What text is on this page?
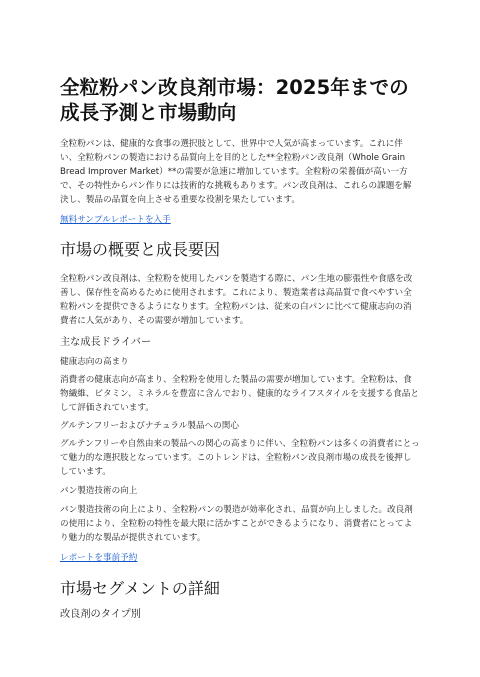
全粒粉パン改良剤市場：2025年までの成長予測と市場動向

全粒粉パンは、健康的な食事の選択肢として、世界中で人気が高まっています。これに伴い、全粒粉パンの製造における品質向上を目的とした**全粒粉パン改良剤（Whole Grain Bread Improver Market）**の需要が急速に増加しています。全粒粉の栄養価が高い一方で、その特性からパン作りには技術的な挑戦もあります。パン改良剤は、これらの課題を解決し、製品の品質を向上させる重要な役割を果たしています。

無料サンプルレポートを入手
市場の概要と成長要因

全粒粉パン改良剤は、全粒粉を使用したパンを製造する際に、パン生地の膨張性や食感を改善し、保存性を高めるために使用されます。これにより、製造業者は高品質で食べやすい全粒粉パンを提供できるようになります。全粒粉パンは、従来の白パンに比べて健康志向の消費者に人気があり、その需要が増加しています。

主な成長ドライバー

健康志向の高まり

消費者の健康志向が高まり、全粒粉を使用した製品の需要が増加しています。全粒粉は、食物繊維、ビタミン、ミネラルを豊富に含んでおり、健康的なライフスタイルを支援する食品として評価されています。

グルテンフリーおよびナチュラル製品への関心

グルテンフリーや自然由来の製品への関心の高まりに伴い、全粒粉パンは多くの消費者にとって魅力的な選択肢となっています。このトレンドは、全粒粉パン改良剤市場の成長を後押ししています。

パン製造技術の向上

パン製造技術の向上により、全粒粉パンの製造が効率化され、品質が向上しました。改良剤の使用により、全粒粉の特性を最大限に活かすことができるようになり、消費者にとってより魅力的な製品が提供されています。

レポートを事前予約
市場セグメントの詳細
改良剤のタイプ別
